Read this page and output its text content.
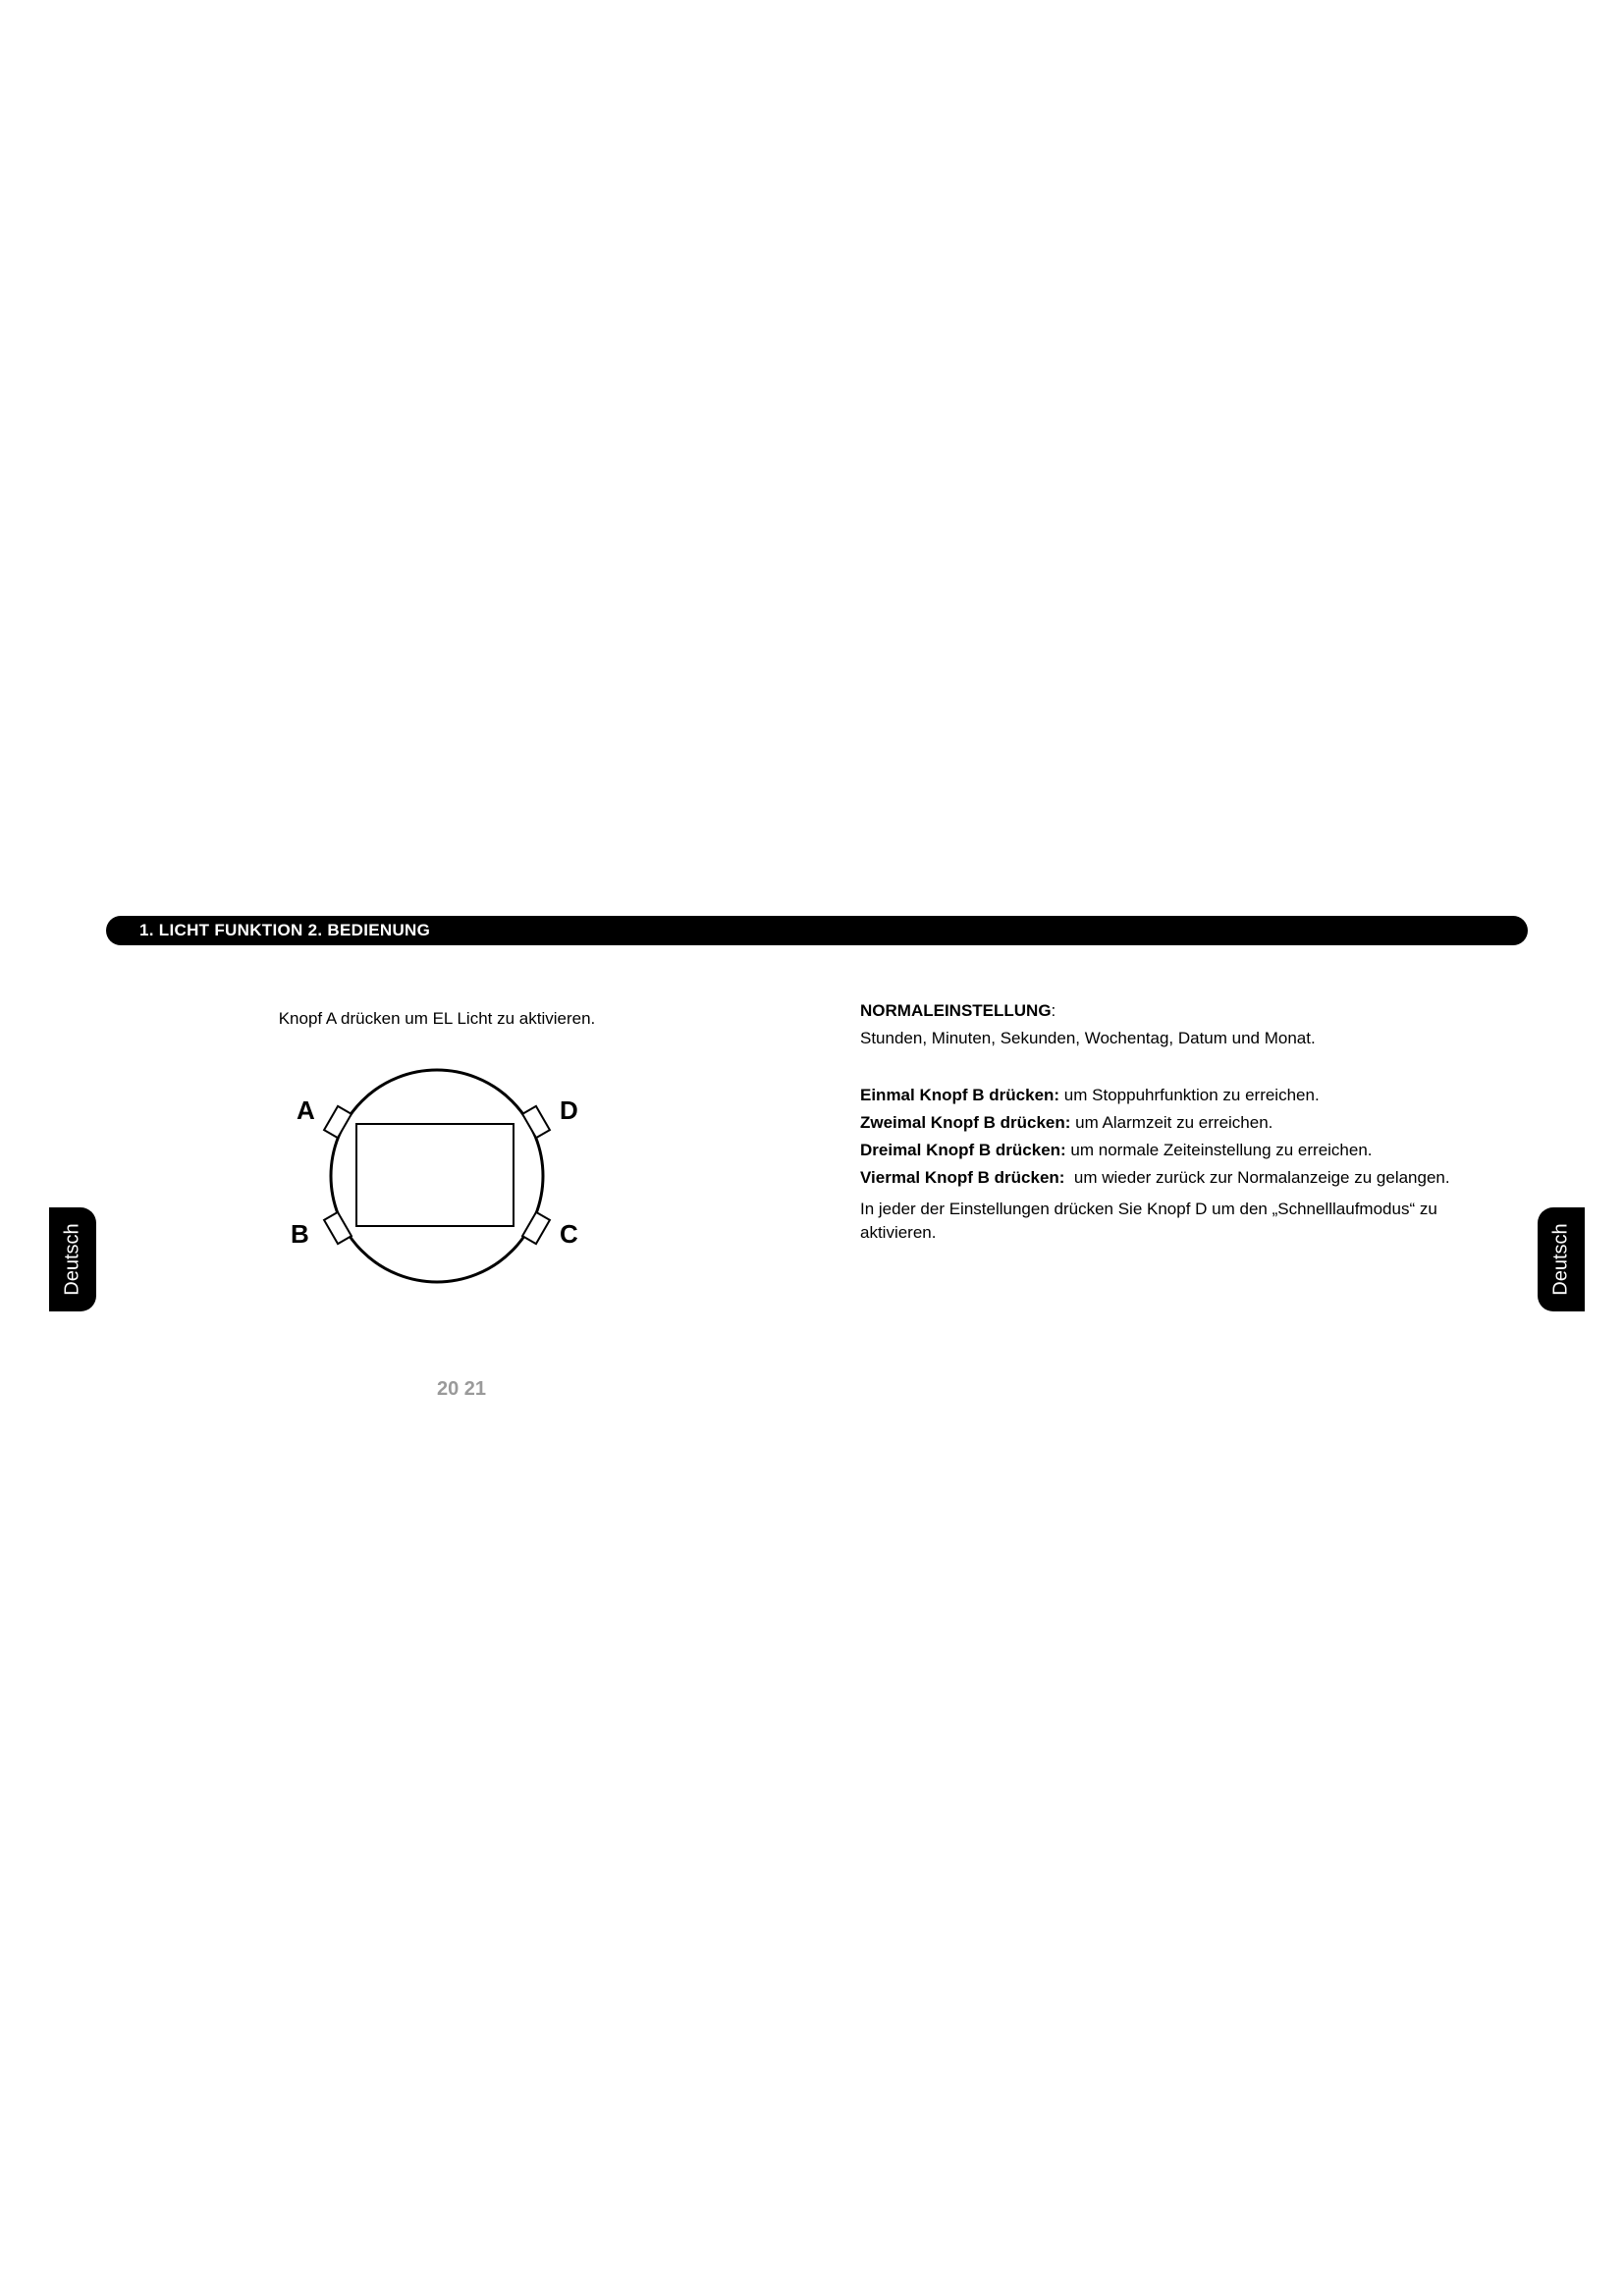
1. LICHT FUNKTION 2. BEDIENUNG
Deutsch	Deutsch
Knopf A drücken um EL Licht zu aktivieren.
A	D
B	C
20 21

NORMALEINSTELLUNG:

Stunden, Minuten, Sekunden, Wochentag, Datum und Monat.

Einmal Knopf B drücken: um Stoppuhrfunktion zu erreichen.

Zweimal Knopf B drücken: um Alarmzeit zu erreichen.

Dreimal Knopf B drücken: um normale Zeiteinstellung zu erreichen.

Viermal Knopf B drücken:  um wieder zurück zur Normalanzeige zu gelangen.

In jeder der Einstellungen drücken Sie Knopf D um den „Schnelllaufmodus“ zu aktivieren.
